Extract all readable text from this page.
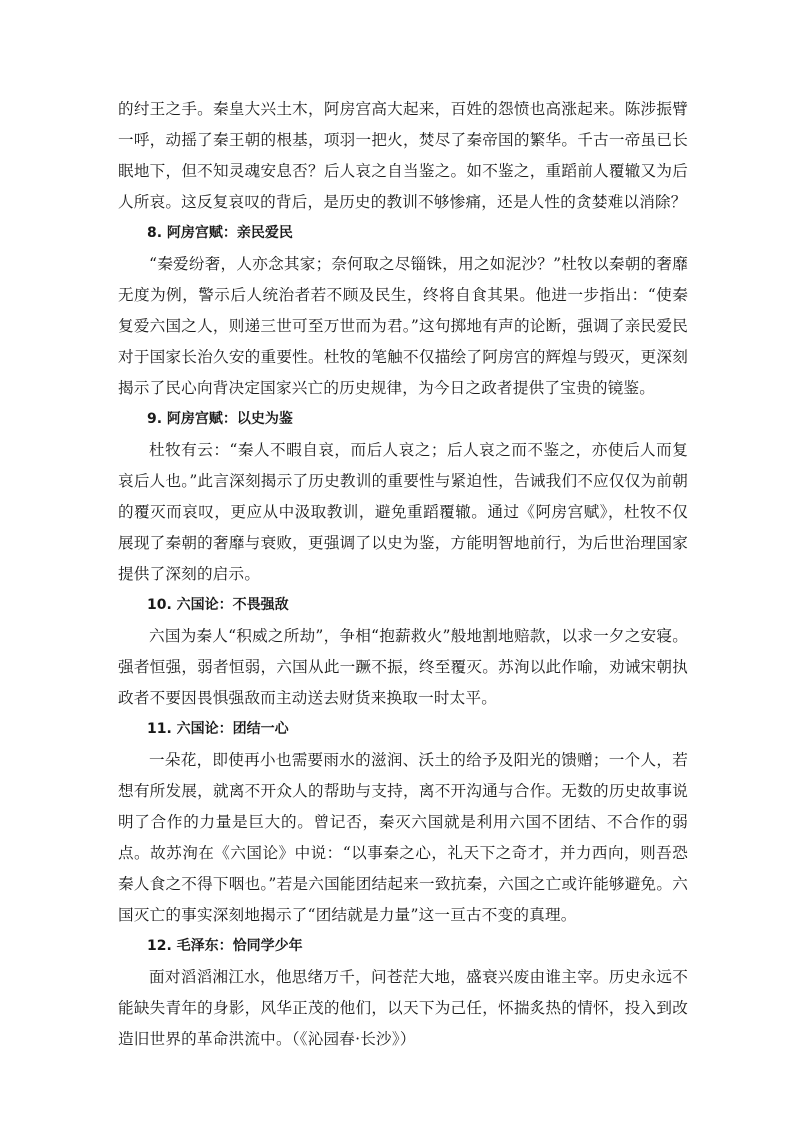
的纣王之手。秦皇大兴土木，阿房宫高大起来，百姓的怨愤也高涨起来。陈涉振臂一呼，动摇了秦王朝的根基，项羽一把火，焚尽了秦帝国的繁华。千古一帝虽已长眠地下，但不知灵魂安息否？后人哀之自当鉴之。如不鉴之，重蹈前人覆辙又为后人所哀。这反复哀叹的背后，是历史的教训不够惨痛，还是人性的贪婪难以消除？

8. 阿房宫赋：亲民爱民

“秦爱纷奢，人亦念其家；奈何取之尽锱铢，用之如泥沙？”杜牧以秦朝的奢靡无度为例，警示后人统治者若不顾及民生，终将自食其果。他进一步指出：“使秦复爱六国之人，则递三世可至万世而为君。”这句掷地有声的论断，强调了亲民爱民对于国家长治久安的重要性。杜牧的笔触不仅描绘了阿房宫的辉煌与毁灭，更深刻揭示了民心向背决定国家兴亡的历史规律，为今日之政者提供了宝贵的镜鉴。

9. 阿房宫赋：以史为鉴

杜牧有云：“秦人不暇自哀，而后人哀之；后人哀之而不鉴之，亦使后人而复哀后人也。”此言深刻揭示了历史教训的重要性与紧迫性，告诫我们不应仅仅为前朝的覆灭而哀叹，更应从中汲取教训，避免重蹈覆辙。通过《阿房宫赋》，杜牧不仅展现了秦朝的奢靡与衰败，更强调了以史为鉴，方能明智地前行，为后世治理国家提供了深刻的启示。

10. 六国论：不畏强敌

六国为秦人“积威之所劫”，争相“抱薪救火”般地割地赔款，以求一夕之安寝。强者恒强，弱者恒弱，六国从此一蹶不振，终至覆灭。苏洵以此作喻，劝诫宋朝执政者不要因畏惧强敌而主动送去财货来换取一时太平。

11. 六国论：团结一心

一朵花，即使再小也需要雨水的滋润、沃土的给予及阳光的馈赠；一个人，若想有所发展，就离不开众人的帮助与支持，离不开沟通与合作。无数的历史故事说明了合作的力量是巨大的。曾记否，秦灭六国就是利用六国不团结、不合作的弱点。故苏洵在《六国论》中说：“以事秦之心，礼天下之奇才，并力西向，则吾恐秦人食之不得下咽也。”若是六国能团结起来一致抗秦，六国之亡或许能够避免。六国灭亡的事实深刻地揭示了“团结就是力量”这一亘古不变的真理。

12. 毛泽东：恰同学少年

面对滔滔湘江水，他思绪万千，问苍茫大地，盛衰兴废由谁主宰。历史永远不能缺失青年的身影，风华正茂的他们，以天下为己任，怀揣炙热的情怀，投入到改造旧世界的革命洪流中。（《沁园春·长沙》）
